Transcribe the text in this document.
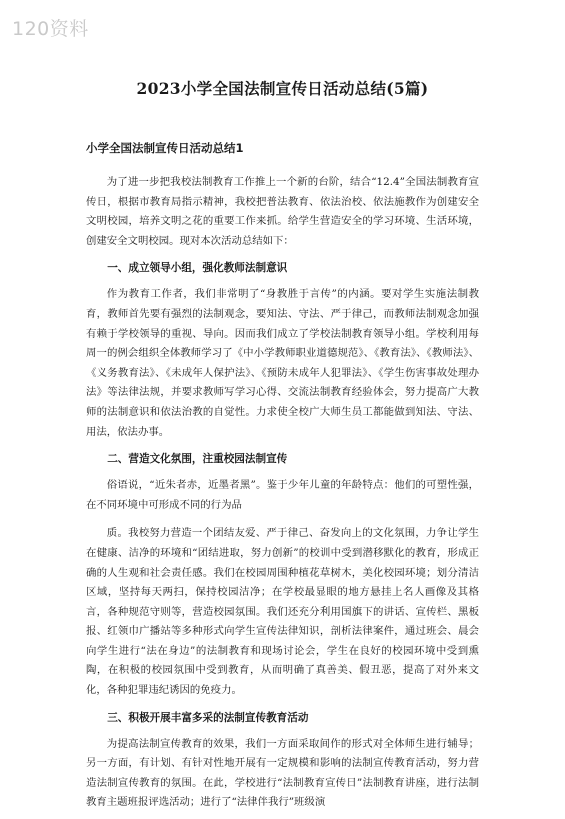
120资料
2023小学全国法制宣传日活动总结(5篇)
小学全国法制宣传日活动总结1

为了进一步把我校法制教育工作推上一个新的台阶，结合“12.4”全国法制教育宣传日，根据市教育局指示精神，我校把普法教育、依法治校、依法施教作为创建安全文明校园，培养文明之花的重要工作来抓。给学生营造安全的学习环境、生活环境，创建安全文明校园。现对本次活动总结如下：

一、成立领导小组，强化教师法制意识

作为教育工作者，我们非常明了“身教胜于言传”的内涵。要对学生实施法制教育，教师首先要有强烈的法制观念，要知法、守法、严于律己，而教师法制观念加强有赖于学校领导的重视、导向。因而我们成立了学校法制教育领导小组。学校利用每周一的例会组织全体教师学习了《中小学教师职业道德规范》、《教育法》、《教师法》、《义务教育法》、《未成年人保护法》、《预防未成年人犯罪法》、《学生伤害事故处理办法》等法律法规，并要求教师写学习心得、交流法制教育经验体会，努力提高广大教师的法制意识和依法治教的自觉性。力求使全校广大师生员工都能做到知法、守法、用法，依法办事。

二、营造文化氛围，注重校园法制宣传

俗语说，“近朱者赤，近墨者黑”。鉴于少年儿童的年龄特点：他们的可塑性强，在不同环境中可形成不同的行为品

质。我校努力营造一个团结友爱、严于律己、奋发向上的文化氛围，力争让学生在健康、洁净的环境和“团结进取，努力创新”的校训中受到潜移默化的教育，形成正确的人生观和社会责任感。我们在校园周围种植花草树木，美化校园环境；划分清洁区域，坚持每天两扫，保持校园洁净；在学校最显眼的地方悬挂上名人画像及其格言，各种规范守则等，营造校园氛围。我们还充分利用国旗下的讲话、宣传栏、黑板报、红领巾广播站等多种形式向学生宣传法律知识，剖析法律案件，通过班会、晨会向学生进行“法在身边”的法制教育和现场讨论会，学生在良好的校园环境中受到熏陶，在积极的校园氛围中受到教育，从而明确了真善美、假丑恶，提高了对外来文化，各种犯罪违纪诱因的免疫力。

三、积极开展丰富多采的法制宣传教育活动

为提高法制宣传教育的效果，我们一方面采取间作的形式对全体师生进行辅导；另一方面，有计划、有针对性地开展有一定规模和影响的法制宣传教育活动，努力营造法制宣传教育的氛围。在此，学校进行“法制教育宣传日”法制教育讲座，进行法制教育主题班报评选活动；进行了“法律伴我行”班级演
